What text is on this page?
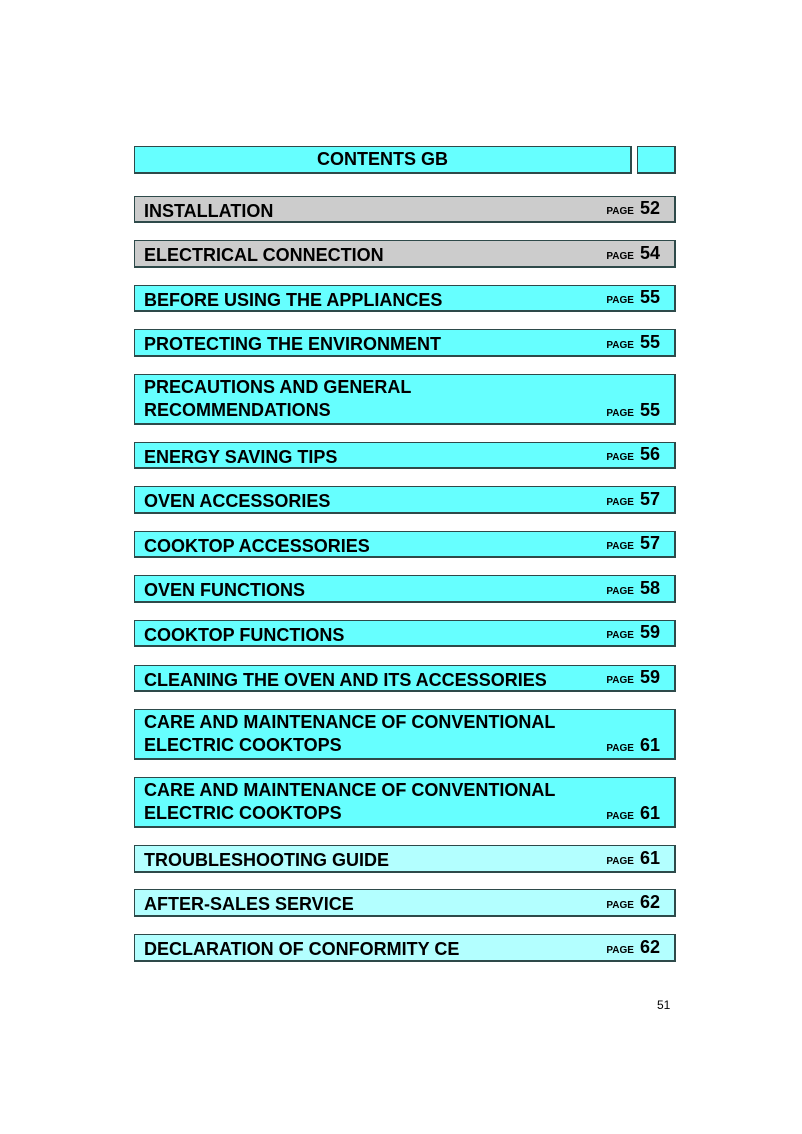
CONTENTS GB
INSTALLATION	PAGE 52
ELECTRICAL CONNECTION	PAGE 54
BEFORE USING THE APPLIANCES	PAGE 55
PROTECTING THE ENVIRONMENT	PAGE 55
PRECAUTIONS AND GENERAL
RECOMMENDATIONS	PAGE 55
ENERGY SAVING TIPS	PAGE 56
OVEN ACCESSORIES	PAGE 57
COOKTOP ACCESSORIES	PAGE 57
OVEN FUNCTIONS	PAGE 58
COOKTOP FUNCTIONS	PAGE 59
CLEANING THE OVEN AND ITS ACCESSORIES	PAGE 59
CARE AND MAINTENANCE OF CONVENTIONAL
ELECTRIC COOKTOPS	PAGE 61
CARE AND MAINTENANCE OF CONVENTIONAL
ELECTRIC COOKTOPS	PAGE 61
TROUBLESHOOTING GUIDE	PAGE 61
AFTER-SALES SERVICE	PAGE 62
DECLARATION OF CONFORMITY CE	PAGE 62
51
